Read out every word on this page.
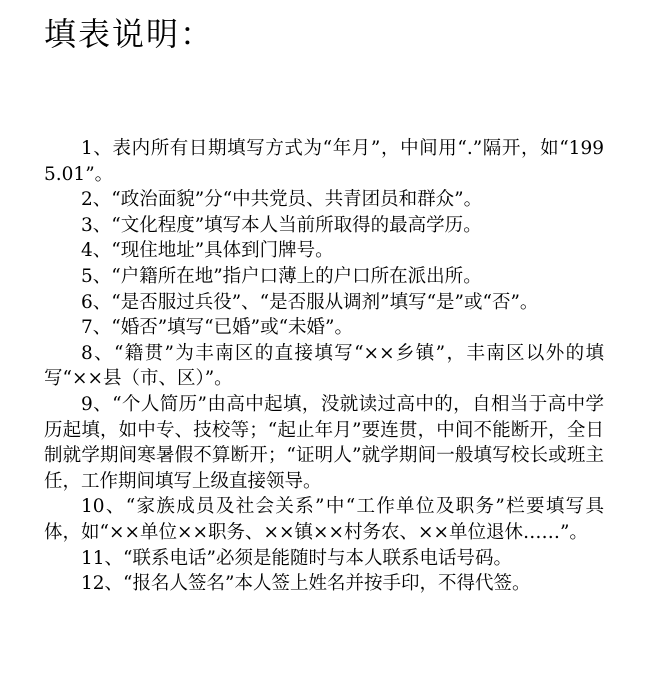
填表说明：
1、表内所有日期填写方式为“年月”，中间用“.”隔开，如“1995.01”。
2、“政治面貌”分“中共党员、共青团员和群众”。
3、“文化程度”填写本人当前所取得的最高学历。
4、“现住地址”具体到门牌号。
5、“户籍所在地”指户口薄上的户口所在派出所。
6、“是否服过兵役”、“是否服从调剂”填写“是”或“否”。
7、“婚否”填写“已婚”或“未婚”。
8、“籍贯”为丰南区的直接填写“××乡镇”，丰南区以外的填写“××县（市、区）”。
9、“个人简历”由高中起填，没就读过高中的，自相当于高中学历起填，如中专、技校等；“起止年月”要连贯，中间不能断开，全日制就学期间寒暑假不算断开；“证明人”就学期间一般填写校长或班主任，工作期间填写上级直接领导。
10、“家族成员及社会关系”中“工作单位及职务”栏要填写具体，如“××单位××职务、××镇××村务农、××单位退休……”。
11、“联系电话”必须是能随时与本人联系电话号码。
12、“报名人签名”本人签上姓名并按手印，不得代签。
